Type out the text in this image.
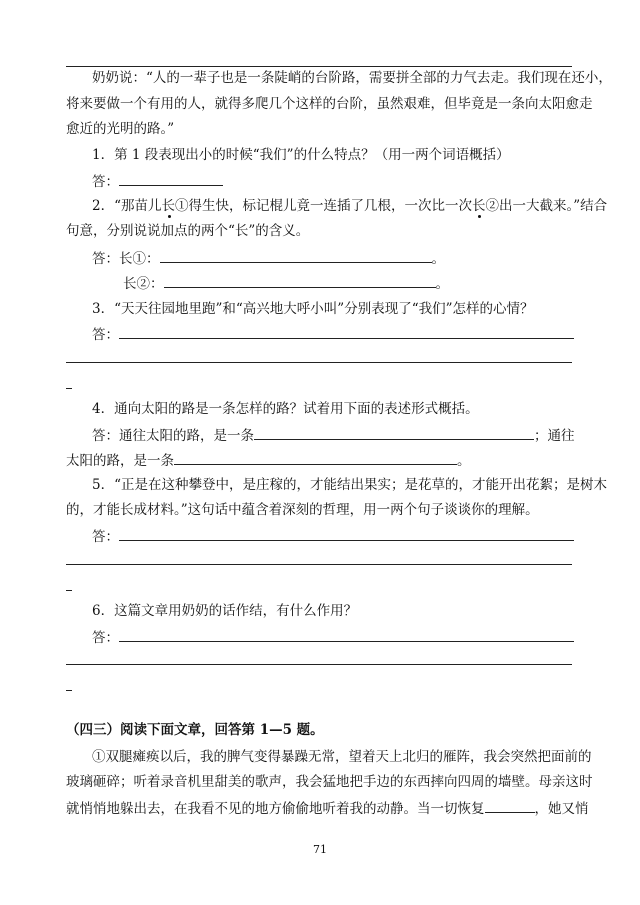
奶奶说：“人的一辈子也是一条陡峭的台阶路，需要拼全部的力气去走。我们现在还小，
将来要做一个有用的人，就得多爬几个这样的台阶，虽然艰难，但毕竟是一条向太阳愈走
愈近的光明的路。”
1．第 1 段表现出小的时候“我们”的什么特点？（用一两个词语概括）
答：
2．“那苗儿长①得生快，标记棍儿竟一连插了几根，一次比一次长②出一大截来。”结合
句意，分别说说加点的两个“长”的含义。
答：长①：	。
长②：	。
3．“天天往园地里跑”和“高兴地大呼小叫”分别表现了“我们”怎样的心情？
答：
4．通向太阳的路是一条怎样的路？试着用下面的表述形式概括。
答：通往太阳的路，是一条	；通往
太阳的路，是一条	。
5．“正是在这种攀登中，是庄稼的，才能结出果实；是花草的，才能开出花絮；是树木
的，才能长成材料。”这句话中蕴含着深刻的哲理，用一两个句子谈谈你的理解。
答：
6．这篇文章用奶奶的话作结，有什么作用？
答：
（四三）阅读下面文章，回答第 1—5 题。
①双腿瘫痪以后，我的脾气变得暴躁无常，望着天上北归的雁阵，我会突然把面前的
玻璃砸碎；听着录音机里甜美的歌声，我会猛地把手边的东西摔向四周的墙壁。母亲这时
就悄悄地躲出去，在我看不见的地方偷偷地听着我的动静。当一切恢复	，她又悄
71
